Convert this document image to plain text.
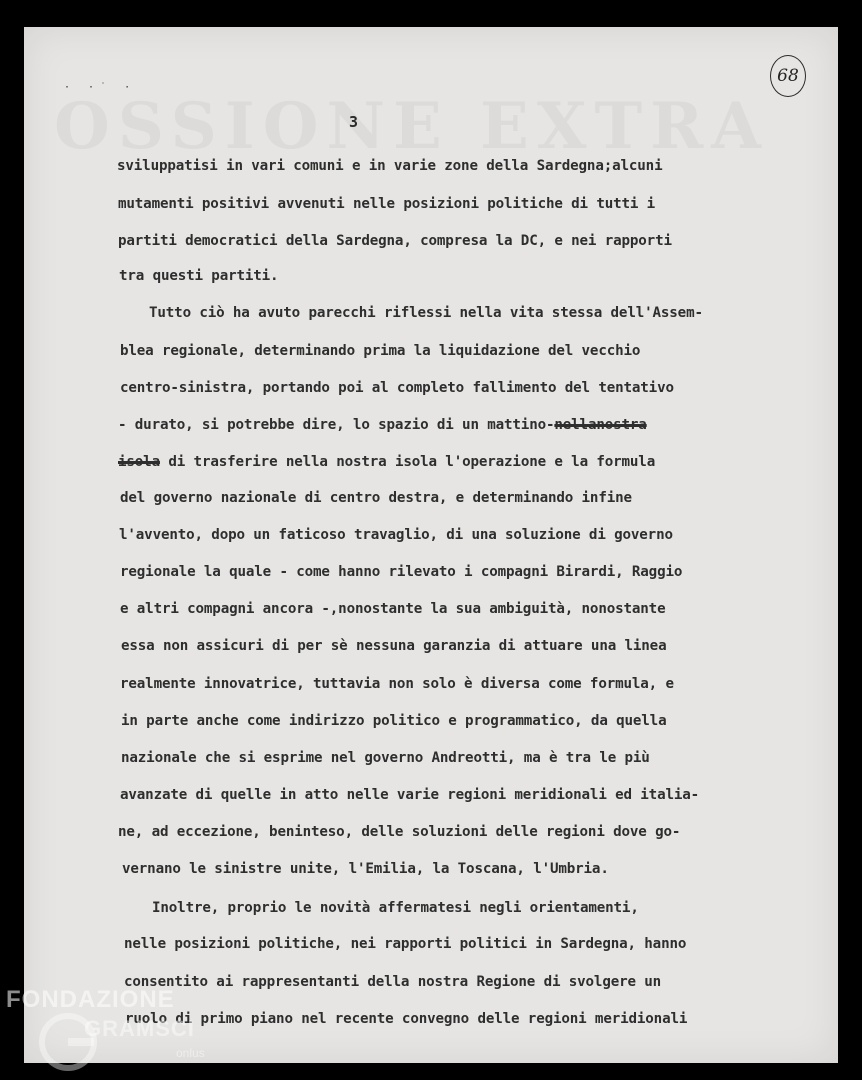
· ·˙ ·
68
3
sviluppatisi in vari comuni e in varie zone della Sardegna;alcuni
mutamenti positivi avvenuti nelle posizioni politiche di tutti i
partiti democratici della Sardegna, compresa la DC, e nei rapporti
tra questi partiti.
Tutto ciò ha avuto parecchi riflessi nella vita stessa dell'Assem-
blea regionale, determinando prima la liquidazione del vecchio
centro-sinistra, portando poi al completo fallimento del tentativo
- durato, si potrebbe dire, lo spazio di un mattino-nellanostra
isola di trasferire nella nostra isola l'operazione e la formula
del governo nazionale di centro destra, e determinando infine
l'avvento, dopo un faticoso travaglio, di una soluzione di governo
regionale la quale - come hanno rilevato i compagni Birardi, Raggio
e altri compagni ancora -,nonostante la sua ambiguità, nonostante
essa non assicuri di per sè nessuna garanzia di attuare una linea
realmente innovatrice, tuttavia non solo è diversa come formula, e
in parte anche come indirizzo politico e programmatico, da quella
nazionale che si esprime nel governo Andreotti, ma è tra le più
avanzate di quelle in atto nelle varie regioni meridionali ed italia-
ne, ad eccezione, beninteso, delle soluzioni delle regioni dove go-
vernano le sinistre unite, l'Emilia, la Toscana, l'Umbria.
Inoltre, proprio le novità affermatesi negli orientamenti,
nelle posizioni politiche, nei rapporti politici in Sardegna, hanno
consentito ai rappresentanti della nostra Regione di svolgere un
ruolo di primo piano nel recente convegno delle regioni meridionali
FONDAZIONE
GRAMSCI
onlus
